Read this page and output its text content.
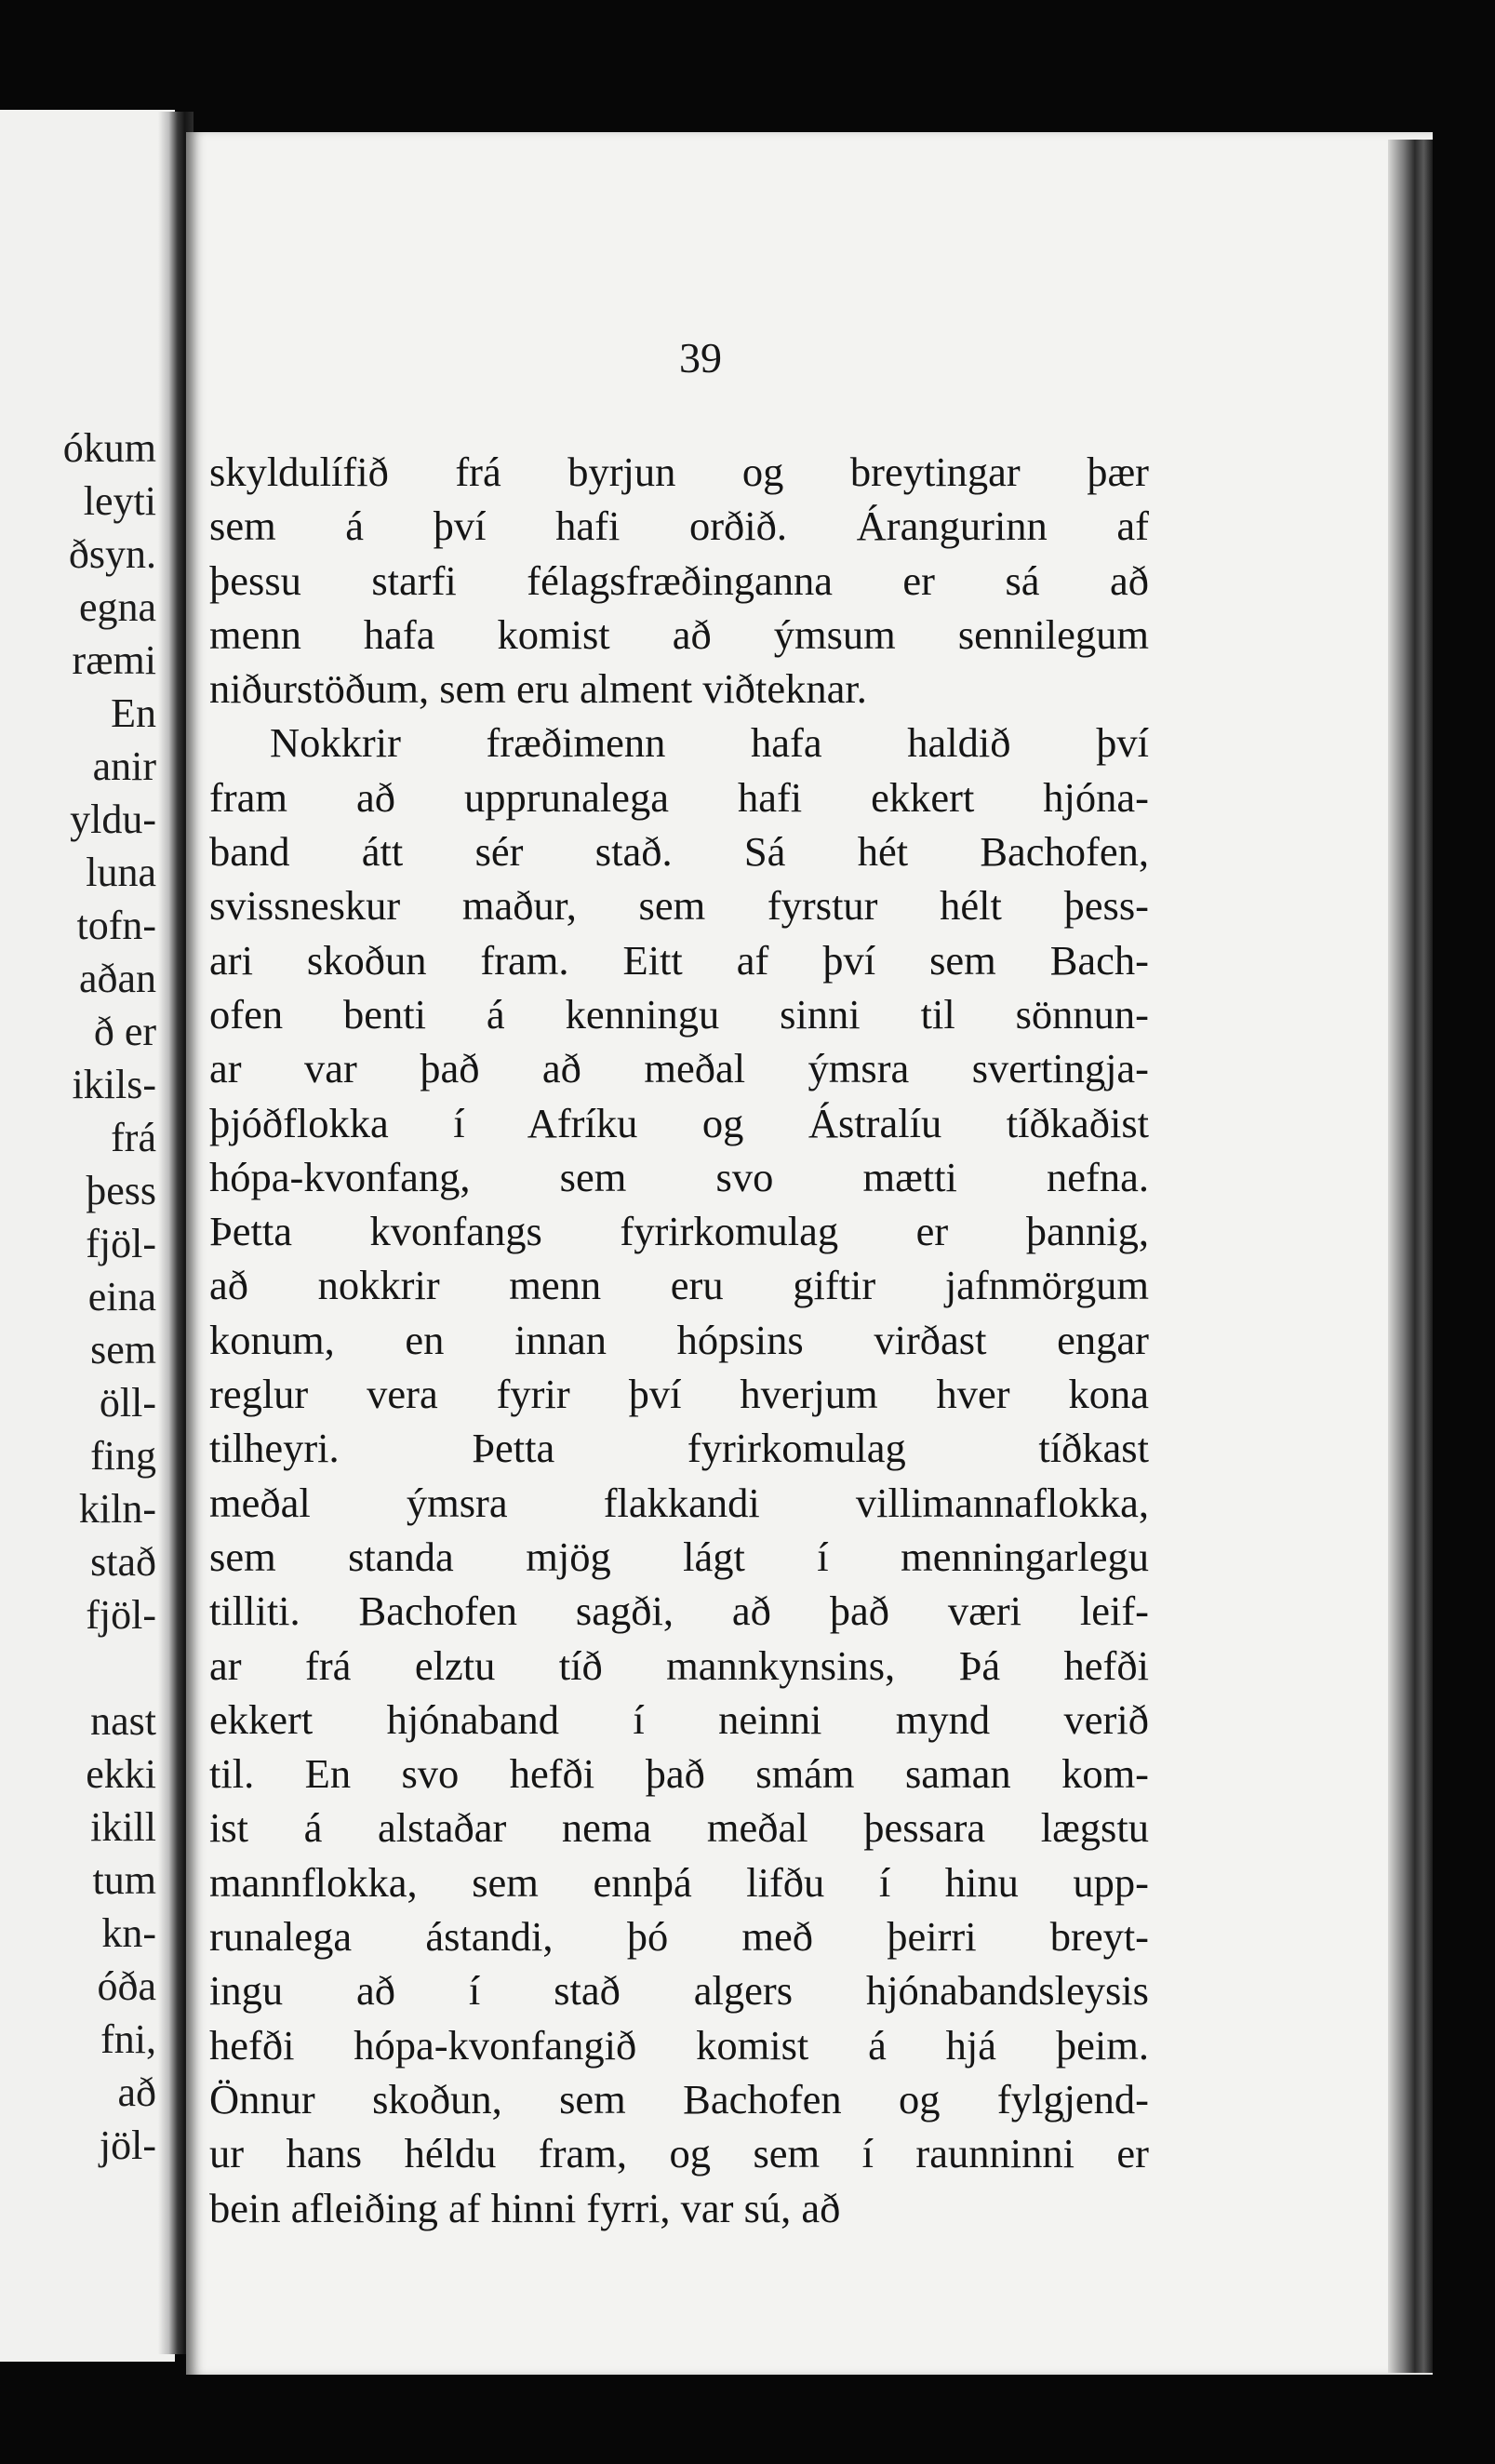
ókum
leyti
ðsyn.
egna
ræmi
En
anir
yldu-
luna
tofn-
aðan
ð er
ikils-
frá
þess
fjöl-
eina
sem
öll-
fing
kiln-
stað
fjöl-
nast
ekki
ikill
tum
kn-
óða
fni,
að
jöl-
39
skyldulífið frá byrjun og breytingar þær
sem á því hafi orðið. Árangurinn af
þessu starfi félagsfræðinganna er sá að
menn hafa komist að ýmsum sennilegum
niðurstöðum, sem eru alment viðteknar.
Nokkrir fræðimenn hafa haldið því
fram að upprunalega hafi ekkert hjóna-
band átt sér stað. Sá hét Bachofen,
svissneskur maður, sem fyrstur hélt þess-
ari skoðun fram. Eitt af því sem Bach-
ofen benti á kenningu sinni til sönnun-
ar var það að meðal ýmsra svertingja-
þjóðflokka í Afríku og Ástralíu tíðkaðist
hópa-kvonfang, sem svo mætti nefna.
Þetta kvonfangs fyrirkomulag er þannig,
að nokkrir menn eru giftir jafnmörgum
konum, en innan hópsins virðast engar
reglur vera fyrir því hverjum hver kona
tilheyri. Þetta fyrirkomulag tíðkast
meðal ýmsra flakkandi villimannaflokka,
sem standa mjög lágt í menningarlegu
tilliti. Bachofen sagði, að það væri leif-
ar frá elztu tíð mannkynsins, Þá hefði
ekkert hjónaband í neinni mynd verið
til. En svo hefði það smám saman kom-
ist á alstaðar nema meðal þessara lægstu
mannflokka, sem ennþá lifðu í hinu upp-
runalega ástandi, þó með þeirri breyt-
ingu að í stað algers hjónabandsleysis
hefði hópa-kvonfangið komist á hjá þeim.
Önnur skoðun, sem Bachofen og fylgjend-
ur hans héldu fram, og sem í raunninni er
bein afleiðing af hinni fyrri, var sú, að
